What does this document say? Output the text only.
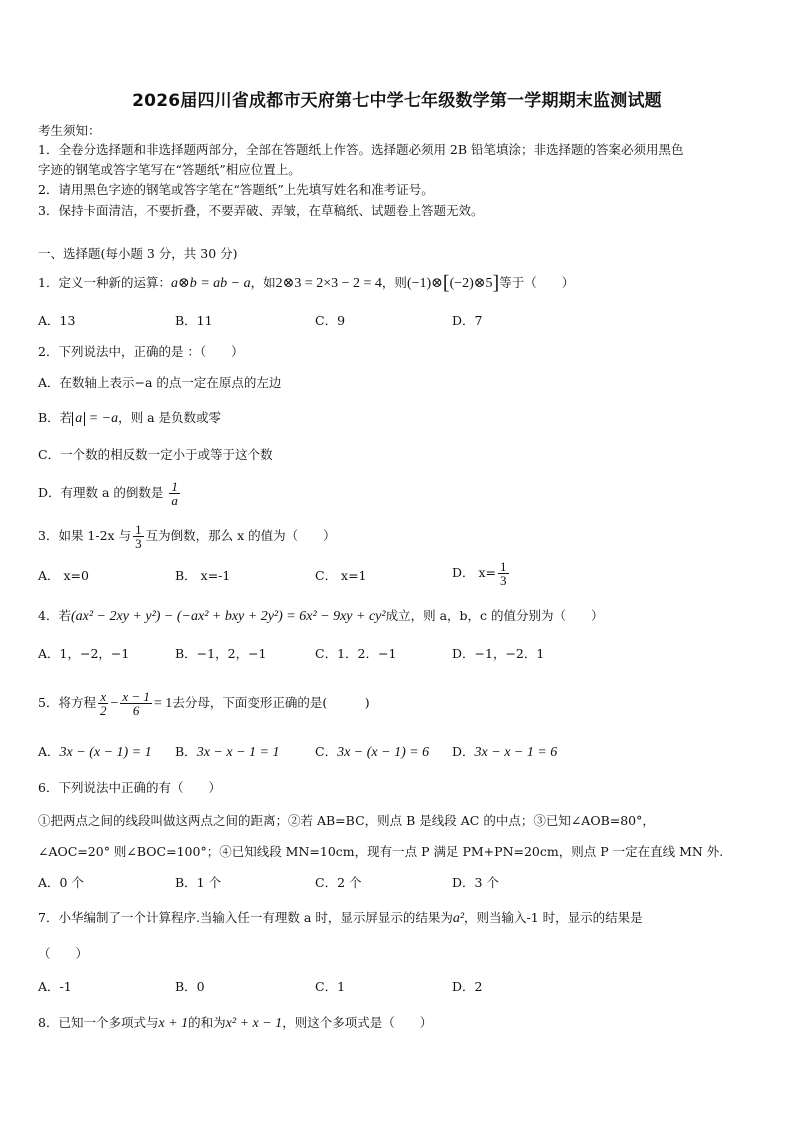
2026届四川省成都市天府第七中学七年级数学第一学期期末监测试题
考生须知：
1．全卷分选择题和非选择题两部分，全部在答题纸上作答。选择题必须用 2B 铅笔填涂；非选择题的答案必须用黑色
字迹的钢笔或答字笔写在“答题纸”相应位置上。
2．请用黑色字迹的钢笔或答字笔在“答题纸”上先填写姓名和准考证号。
3．保持卡面清洁，不要折叠，不要弄破、弄皱，在草稿纸、试题卷上答题无效。
一、选择题(每小题 3 分，共 30 分)
1．定义一种新的运算：a⊗b = ab − a，如2⊗3 = 2×3 − 2 = 4，则(−1)⊗[(−2)⊗5]等于（　　）
A．13	B．11	C．9	D．7
2．下列说法中，正确的是 ：（　　）
A．在数轴上表示−a 的点一定在原点的左边
B．若 a = −a，则 a 是负数或零
C．一个数的相反数一定小于或等于这个数
D．有理数 a 的倒数是 $\frac{1}{a}$
3．如果 1-2x 与 $\frac{1}{3}$ 互为倒数，那么 x 的值为（　　）
A． x=0	B． x=-1	C． x=1	D． $x= \frac{1}{3}$
4．若(ax² − 2xy + y²) − (−ax² + bxy + 2y²) = 6x² − 9xy + cy²成立，则 a，b，c 的值分别为（　　）
A．1，−2，−1	B．−1，2，−1	C．1．2．−1	D．−1，−2．1
5．将方程 $\frac{x}{2} - \frac{x - 1}{6} = 1$去分母，下面变形正确的是(　　　)
A．3x − (x − 1) = 1 B．3x − x − 1 = 1	C．3x − (x − 1) = 6 D．3x − x − 1 = 6
6．下列说法中正确的有（　　）
①把两点之间的线段叫做这两点之间的距离；②若 AB=BC，则点 B 是线段 AC 的中点；③已知∠AOB=80°，
∠AOC=20° 则∠BOC=100°；④已知线段 MN=10cm，现有一点 P 满足 PM+PN=20cm，则点 P 一定在直线 MN 外.
A．0 个	B．1 个	C．2 个	D．3 个
7．小华编制了一个计算程序.当输入任一有理数 a 时，显示屏显示的结果为a²，则当输入-1 时，显示的结果是
（　　）
A．-1	B．0	C．1	D．2
8．已知一个多项式与x + 1的和为x² + x − 1，则这个多项式是（　　）
